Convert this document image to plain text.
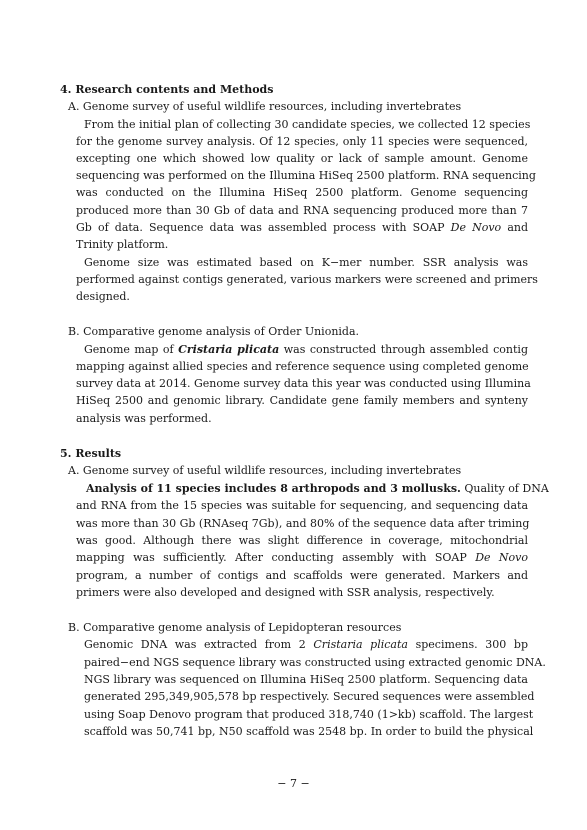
4. Research contents and Methods
A. Genome survey of useful wildlife resources, including invertebrates
From the initial plan of collecting 30 candidate species, we collected 12 species
for the genome survey analysis. Of 12 species, only 11 species were sequenced,
excepting one which showed low quality or lack of sample amount. Genome
sequencing was performed on the Illumina HiSeq 2500 platform. RNA sequencing
was conducted on the Illumina HiSeq 2500 platform. Genome sequencing
produced more than 30 Gb of data and RNA sequencing produced more than 7
Gb of data. Sequence data was assembled process with SOAP De Novo and
Trinity platform.
Genome size was estimated based on K−mer number. SSR analysis was
performed against contigs generated, various markers were screened and primers
designed.
B. Comparative genome analysis of Order Unionida.
Genome map of Cristaria plicata was constructed through assembled contig
mapping against allied species and reference sequence using completed genome
survey data at 2014. Genome survey data this year was conducted using Illumina
HiSeq 2500 and genomic library. Candidate gene family members and synteny
analysis was performed.
5. Results
A. Genome survey of useful wildlife resources, including invertebrates
Analysis of 11 species includes 8 arthropods and 3 mollusks. Quality of DNA
and RNA from the 15 species was suitable for sequencing, and sequencing data
was more than 30 Gb (RNAseq 7Gb), and 80% of the sequence data after triming
was good. Although there was slight difference in coverage, mitochondrial
mapping was sufficiently. After conducting assembly with SOAP De Novo
program, a number of contigs and scaffolds were generated. Markers and
primers were also developed and designed with SSR analysis, respectively.
B. Comparative genome analysis of Lepidopteran resources
Genomic DNA was extracted from 2 Cristaria plicata specimens. 300 bp
paired−end NGS sequence library was constructed using extracted genomic DNA.
NGS library was sequenced on Illumina HiSeq 2500 platform. Sequencing data
generated 295,349,905,578 bp respectively. Secured sequences were assembled
using Soap Denovo program that produced 318,740 (1>kb) scaffold. The largest
scaffold was 50,741 bp, N50 scaffold was 2548 bp. In order to build the physical
− 7 −
